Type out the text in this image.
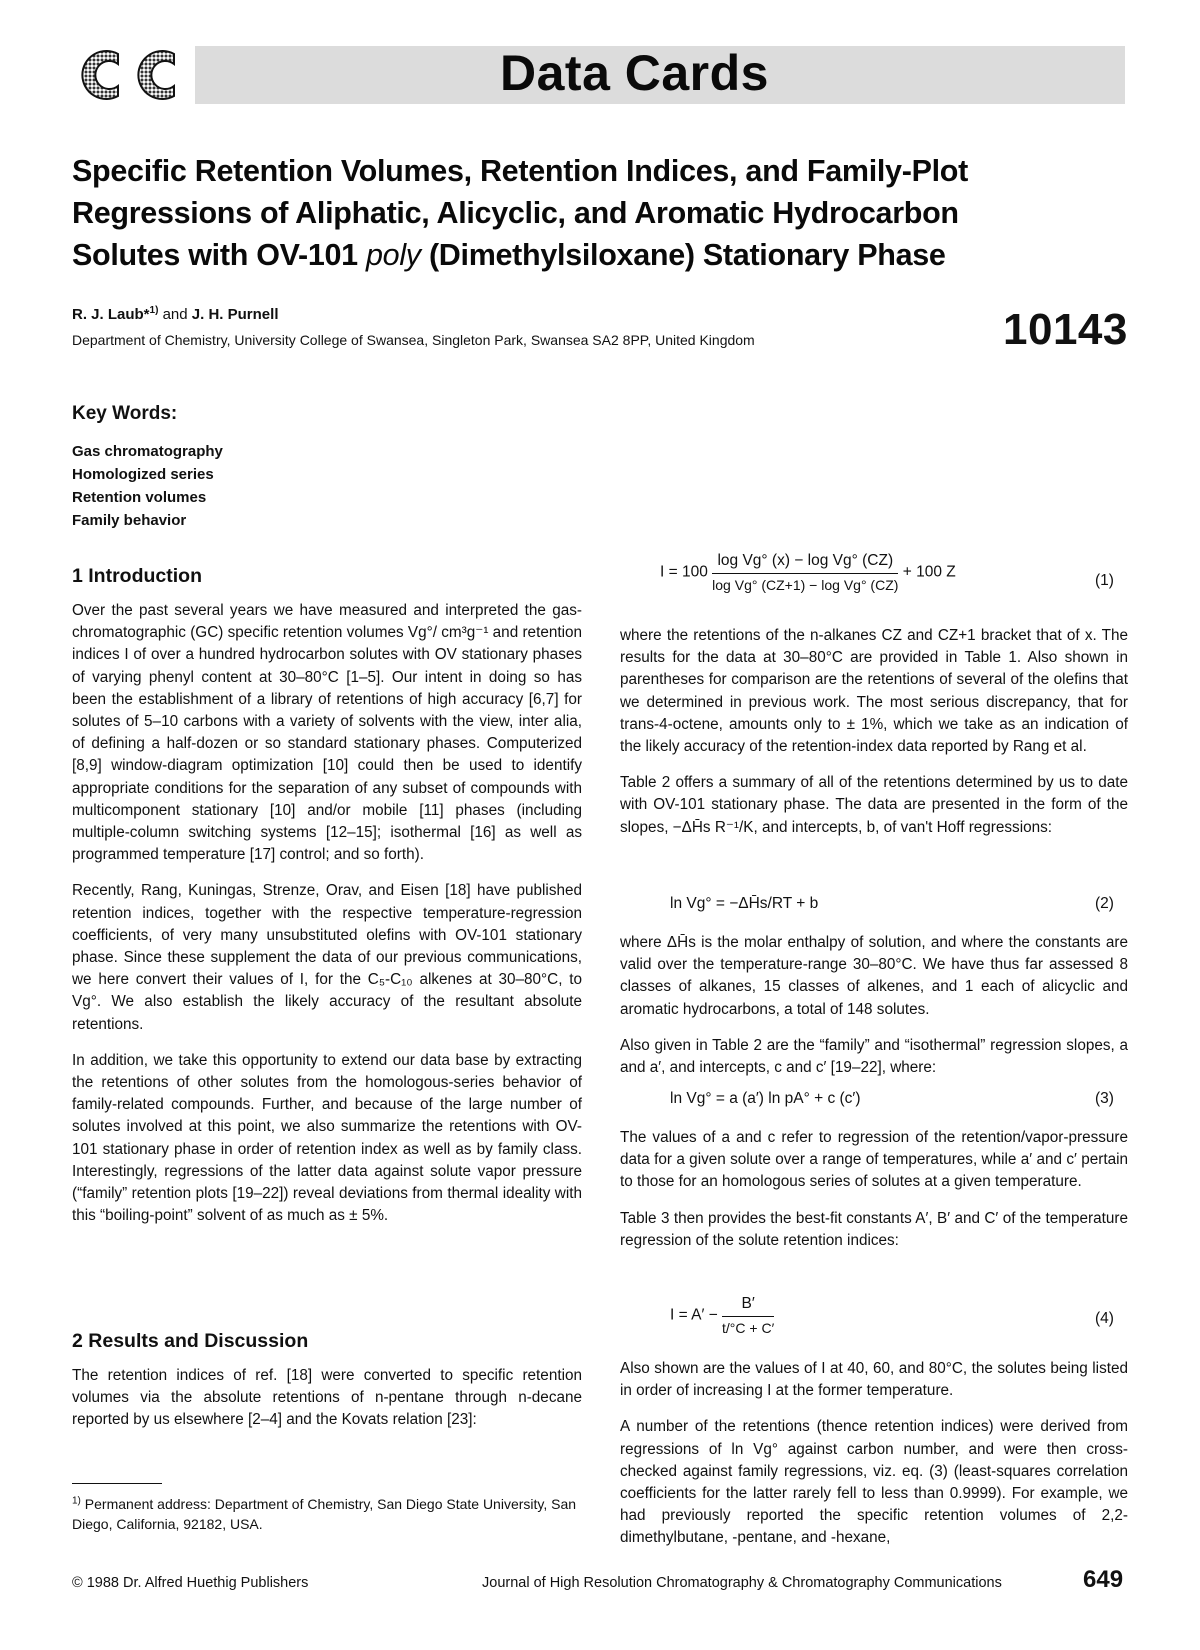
Data Cards
Specific Retention Volumes, Retention Indices, and Family-Plot
Regressions of Aliphatic, Alicyclic, and Aromatic Hydrocarbon
Solutes with OV-101 poly (Dimethylsiloxane) Stationary Phase
R. J. Laub*$^{1)}$ and J. H. Purnell
Department of Chemistry, University College of Swansea, Singleton Park, Swansea SA2 8PP, United Kingdom	10143
Key Words:
Gas chromatography
Homologized series
Retention volumes
Family behavior
1 Introduction

Over the past several years we have measured and interpreted the gas-chromatographic (GC) specific retention volumes Vg°/ cm³g⁻¹ and retention indices I of over a hundred hydrocarbon solutes with OV stationary phases of varying phenyl content at 30–80°C [1–5]. Our intent in doing so has been the establishment of a library of retentions of high accuracy [6,7] for solutes of 5–10 carbons with a variety of solvents with the view, inter alia, of defining a half-dozen or so standard stationary phases. Computerized [8,9] window-diagram optimization [10] could then be used to identify appropriate conditions for the separation of any subset of compounds with multicomponent stationary [10] and/or mobile [11] phases (including multiple-column switching systems [12–15]; isothermal [16] as well as programmed temperature [17] control; and so forth).

Recently, Rang, Kuningas, Strenze, Orav, and Eisen [18] have published retention indices, together with the respective temperature-regression coefficients, of very many unsubstituted olefins with OV-101 stationary phase. Since these supplement the data of our previous communications, we here convert their values of I, for the C₅-C₁₀ alkenes at 30–80°C, to Vg°. We also establish the likely accuracy of the resultant absolute retentions.

In addition, we take this opportunity to extend our data base by extracting the retentions of other solutes from the homologous-series behavior of family-related compounds. Further, and because of the large number of solutes involved at this point, we also summarize the retentions with OV-101 stationary phase in order of retention index as well as by family class. Interestingly, regressions of the latter data against solute vapor pressure (“family” retention plots [19–22]) reveal deviations from thermal ideality with this “boiling-point” solvent of as much as ± 5%.

2 Results and Discussion

The retention indices of ref. [18] were converted to specific retention volumes via the absolute retentions of n-pentane through n-decane reported by us elsewhere [2–4] and the Kovats relation [23]:

$^{1)}$ Permanent address: Department of Chemistry, San Diego State University, San Diego, California, 92182, USA.
$I = 100 \frac{\text{log Vg° (x) − log Vg° (CZ)}}{\text{log Vg° (CZ+1) − log Vg° (CZ)}} + 100$ Z	(1)

where the retentions of the n-alkanes CZ and CZ+1 bracket that of x. The results for the data at 30–80°C are provided in Table 1. Also shown in parentheses for comparison are the retentions of several of the olefins that we determined in previous work. The most serious discrepancy, that for trans-4-octene, amounts only to ± 1%, which we take as an indication of the likely accuracy of the retention-index data reported by Rang et al.

Table 2 offers a summary of all of the retentions determined by us to date with OV-101 stationary phase. The data are presented in the form of the slopes, −ΔH̄s R⁻¹/K, and intercepts, b, of van't Hoff regressions:

ln Vg° = −ΔH̄s/RT + b	(2)

where ΔH̄s is the molar enthalpy of solution, and where the constants are valid over the temperature-range 30–80°C. We have thus far assessed 8 classes of alkanes, 15 classes of alkenes, and 1 each of alicyclic and aromatic hydrocarbons, a total of 148 solutes.

Also given in Table 2 are the “family” and “isothermal” regression slopes, a and a′, and intercepts, c and c′ [19–22], where:

ln Vg° = a (a′) ln pA° + c (c′)	(3)

The values of a and c refer to regression of the retention/vapor-pressure data for a given solute over a range of temperatures, while a′ and c′ pertain to those for an homologous series of solutes at a given temperature.

Table 3 then provides the best-fit constants A′, B′ and C′ of the temperature regression of the solute retention indices:

$I = A' - \frac{B'}{t/^\circ C + C'}$	(4)

Also shown are the values of I at 40, 60, and 80°C, the solutes being listed in order of increasing I at the former temperature.

A number of the retentions (thence retention indices) were derived from regressions of ln Vg° against carbon number, and were then cross-checked against family regressions, viz. eq. (3) (least-squares correlation coefficients for the latter rarely fell to less than 0.9999). For example, we had previously reported the specific retention volumes of 2,2-dimethylbutane, -pentane, and -hexane,

© 1988 Dr. Alfred Huethig Publishers	Journal of High Resolution Chromatography & Chromatography Communications	649
